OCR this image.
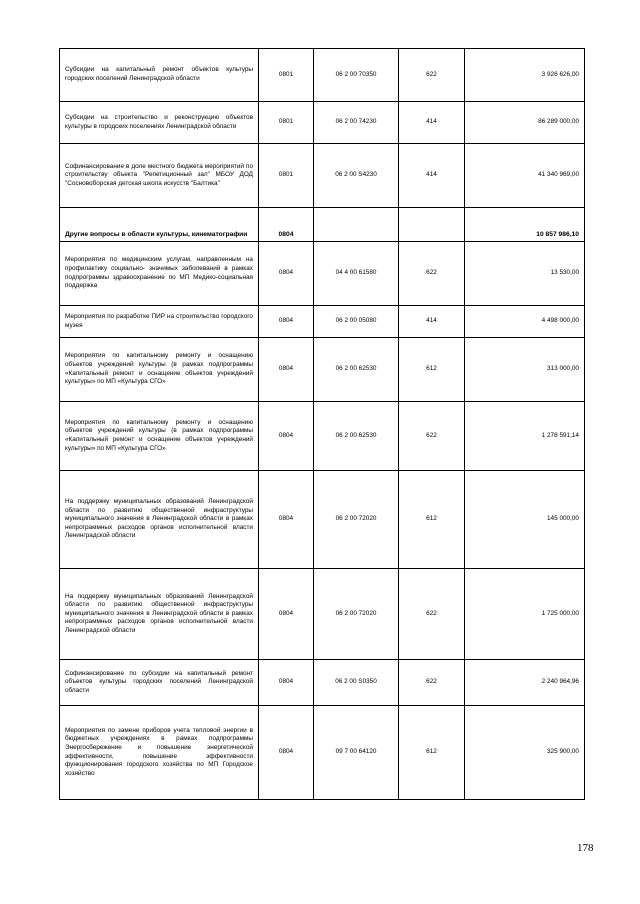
Субсидии на капитальный ремонт объектов культуры городских поселений Ленинградской области	0801	06 2 00 70350	622	3 926 626,00
Субсидии на строительство и реконструкцию объектов культуры в городских поселениях Ленинградской области	0801	06 2 00 74230	414	86 289 000,00
Софинансирование в доле местного бюджета мероприятий по строительству объекта "Репетиционный зал" МБОУ ДОД "Сосновоборская детская школа искусств "Балтика"	0801	06 2 00 S4230	414	41 340 969,00
Другие вопросы в области культуры, кинематографии	0804			10 857 986,10
Мероприятия по медицинским услугам, направленным на профилактику социально- значимых заболеваний в рамках подпрограммы здравоохранение по МП Медико-социальная поддержка	0804	04 4 00 61580	622	13 530,00
Мероприятия по разработке ПИР на строительство городского музея	0804	06 2 00 05080	414	4 498 000,00
Мероприятия по капитальному ремонту и оснащению объектов учреждений культуры (в рамках подпрограммы «Капитальный ремонт и оснащение объектов учреждений культуры» по МП «Культура СГО»	0804	06 2 00 62530	612	313 000,00
Мероприятия по капитальному ремонту и оснащению объектов учреждений культуры (в рамках подпрограммы «Капитальный ремонт и оснащение объектов учреждений культуры» по МП «Культура СГО»	0804	06 2 00 62530	622	1 278 591,14
На поддержку муниципальных образований Ленинградской области по развитию общественной инфраструктуры муниципального значения в Ленинградской области в рамках непрограммных расходов органов исполнительной власти Ленинградской области	0804	06 2 00 72020	612	145 000,00
На поддержку муниципальных образований Ленинградской области по развитию общественной инфраструктуры муниципального значения в Ленинградской области в рамках непрограммных расходов органов исполнительной власти Ленинградской области	0804	06 2 00 72020	622	1 725 000,00
Софинансирование по субсидии на капитальный ремонт объектов культуры городских поселений Ленинградской области	0804	06 2 00 S0350	622	2 240 964,96
Мероприятия по замене приборов учета тепловой энергии в бюджетных учреждениях в рамках подпрограммы Энергосбережение и повышение энергетической эффективности, повышение эффективности функционирования городского хозяйства по МП Городское хозяйство	0804	09 7 00 64120	612	325 900,00
178
